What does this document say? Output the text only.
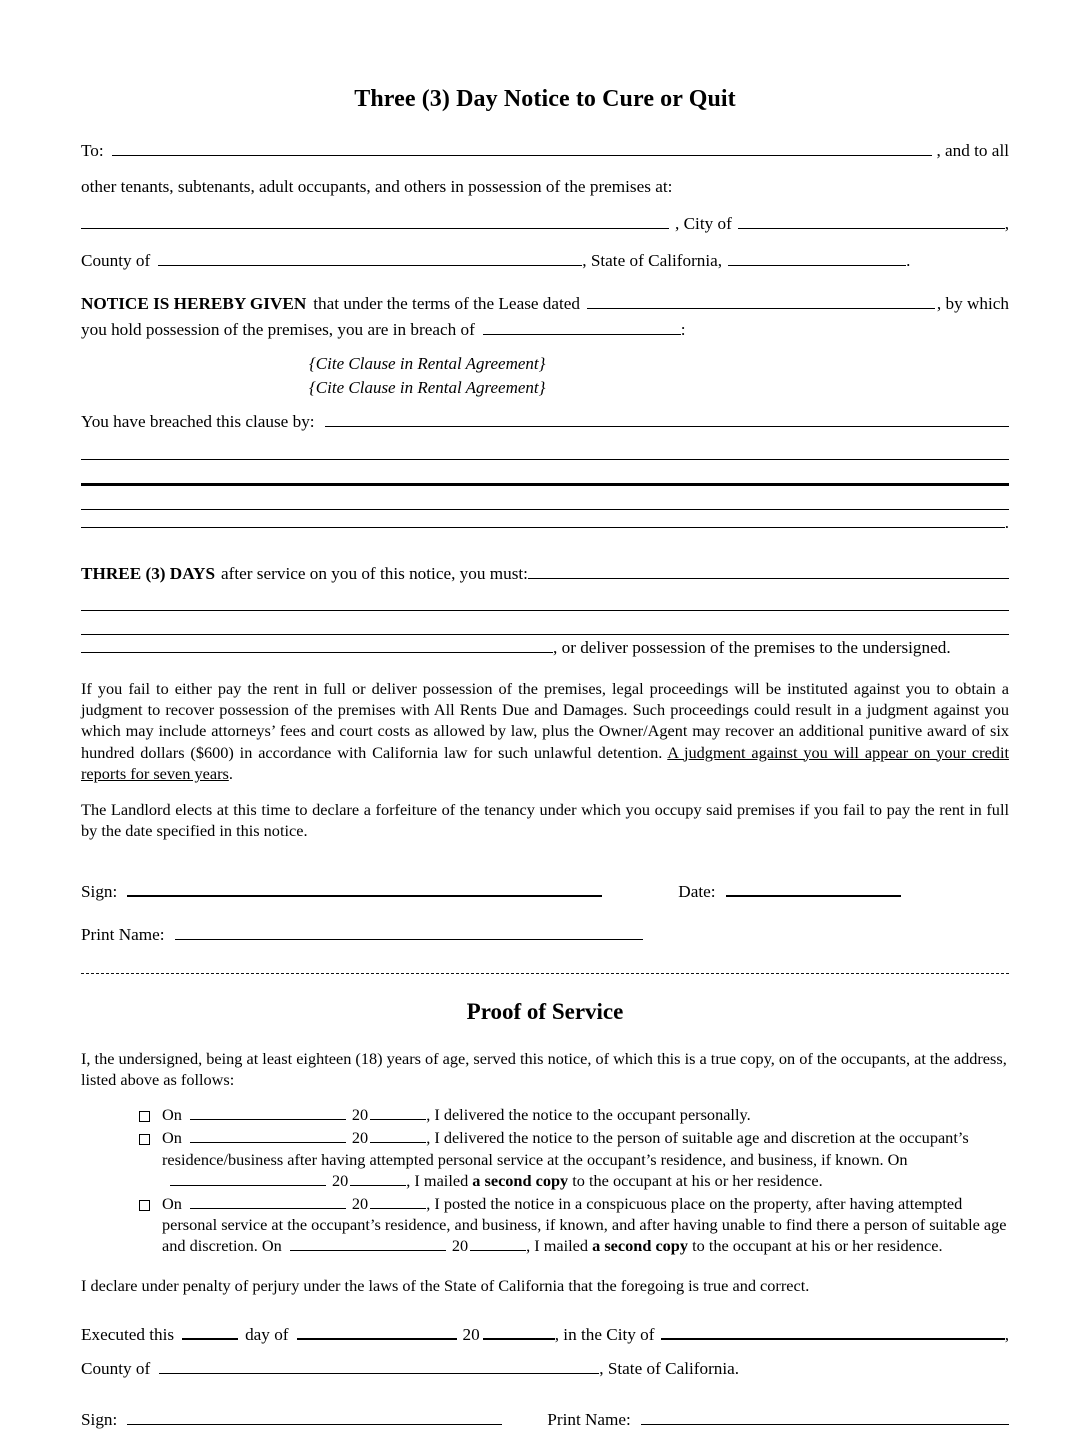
Three (3) Day Notice to Cure or Quit
To:	, and to all
other tenants, subtenants, adult occupants, and others in possession of the premises at:
, City of	,
County of	, State of California,	.
NOTICE IS HEREBY GIVEN that under the terms of the Lease dated	, by which
you hold possession of the premises, you are in breach of	:
{Cite Clause in Rental Agreement}
{Cite Clause in Rental Agreement}
You have breached this clause by:
.
THREE (3) DAYS after service on you of this notice, you must:
, or deliver possession of the premises to the undersigned.

If you fail to either pay the rent in full or deliver possession of the premises, legal proceedings will be instituted against you to obtain a judgment to recover possession of the premises with All Rents Due and Damages. Such proceedings could result in a judgment against you which may include attorneys’ fees and court costs as allowed by law, plus the Owner/Agent may recover an additional punitive award of six hundred dollars ($600) in accordance with California law for such unlawful detention. A judgment against you will appear on your credit reports for seven years.

The Landlord elects at this time to declare a forfeiture of the tenancy under which you occupy said premises if you fail to pay the rent in full by the date specified in this notice.

Sign:	Date:
Print Name:
Proof of Service

I, the undersigned, being at least eighteen (18) years of age, served this notice, of which this is a true copy, on of the occupants, at the address, listed above as follows:

On	20	, I delivered the notice to the occupant personally.
On	20	, I delivered the notice to the person of suitable age and discretion at the occupant’s residence/business after having attempted personal service at the occupant’s residence, and business, if known. On20	, I mailed a second copy to the occupant at his or her residence.
On	20	, I posted the notice in a conspicuous place on the property, after having attempted personal service at the occupant’s residence, and business, if known, and after having unable to find there a person of suitable age and discretion. On	20	, I mailed a second copy to the occupant at his or her residence.

I declare under penalty of perjury under the laws of the State of California that the foregoing is true and correct.

Executed this	day of	20	, in the City of	,
County of	, State of California.
Sign:	Print Name:
